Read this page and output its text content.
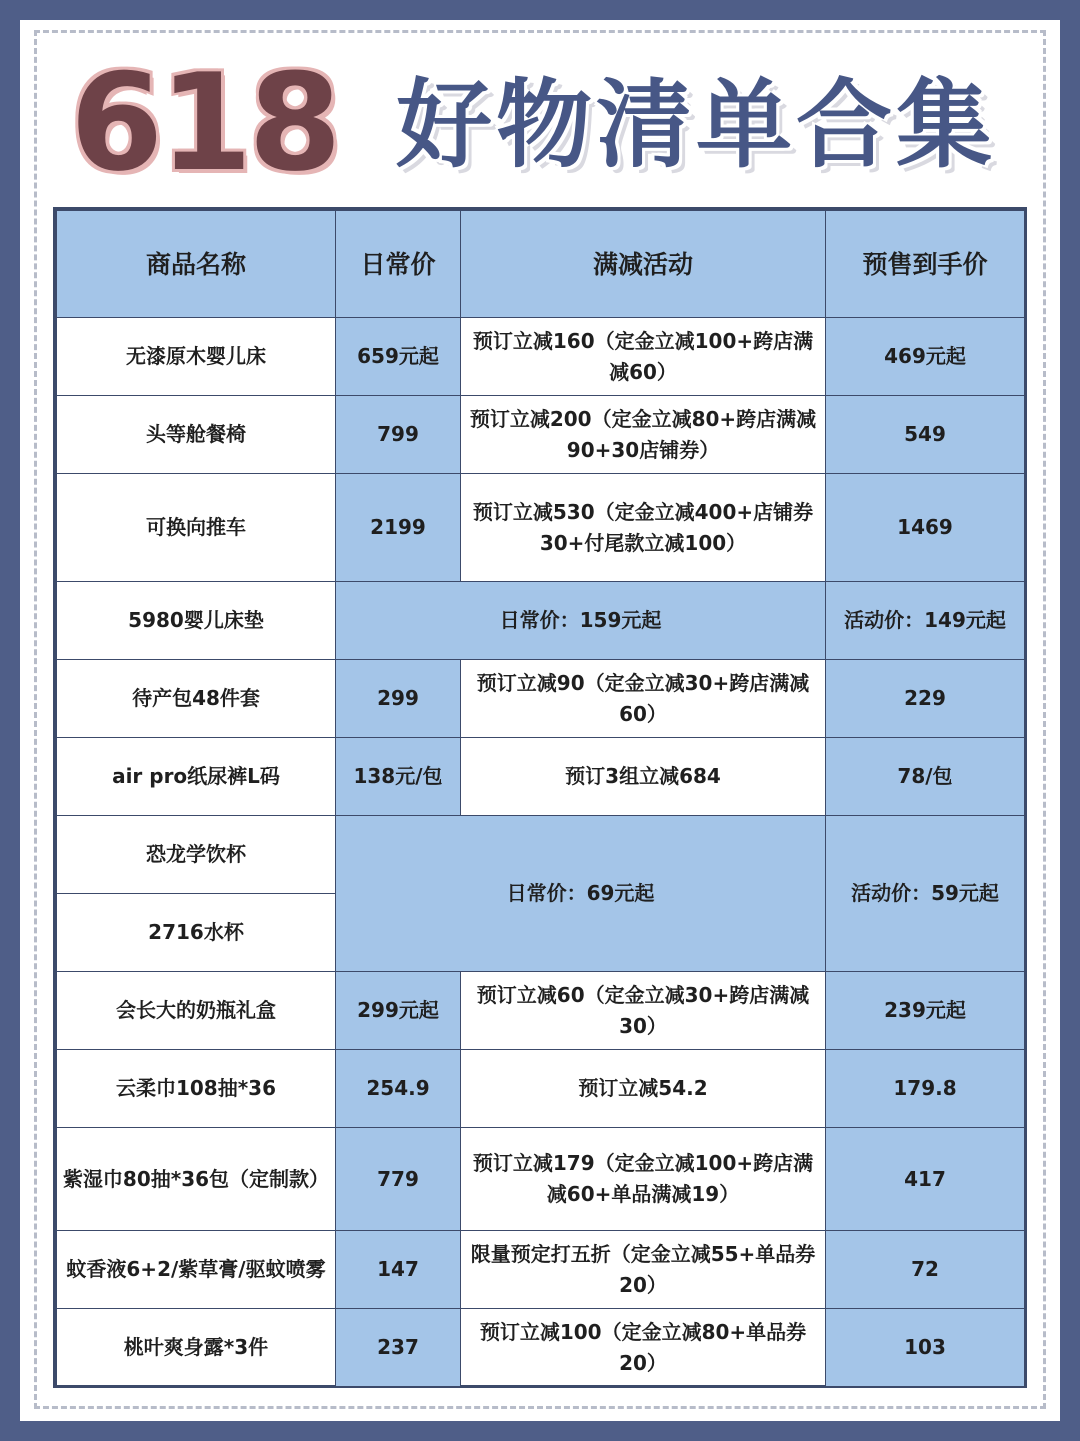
618 好物清单合集
商品名称	日常价	满减活动	预售到手价
无漆原木婴儿床	659元起	预订立减160（定金立减100+跨店满减60）	469元起
头等舱餐椅	799	预订立减200（定金立减80+跨店满减90+30店铺券）	549
可换向推车	2199	预订立减530（定金立减400+店铺券30+付尾款立减100）	1469
5980婴儿床垫	日常价：159元起		活动价：149元起
待产包48件套	299	预订立减90（定金立减30+跨店满减60）	229
air pro纸尿裤L码	138元/包	预订3组立减684	78/包
恐龙学饮杯	日常价：69元起		活动价：59元起
2716水杯			
会长大的奶瓶礼盒	299元起	预订立减60（定金立减30+跨店满减30）	239元起
云柔巾108抽*36	254.9	预订立减54.2	179.8
紫湿巾80抽*36包（定制款）	779	预订立减179（定金立减100+跨店满减60+单品满减19）	417
蚊香液6+2/紫草膏/驱蚊喷雾	147	限量预定打五折（定金立减55+单品券20）	72
桃叶爽身露*3件	237	预订立减100（定金立减80+单品券20）	103
